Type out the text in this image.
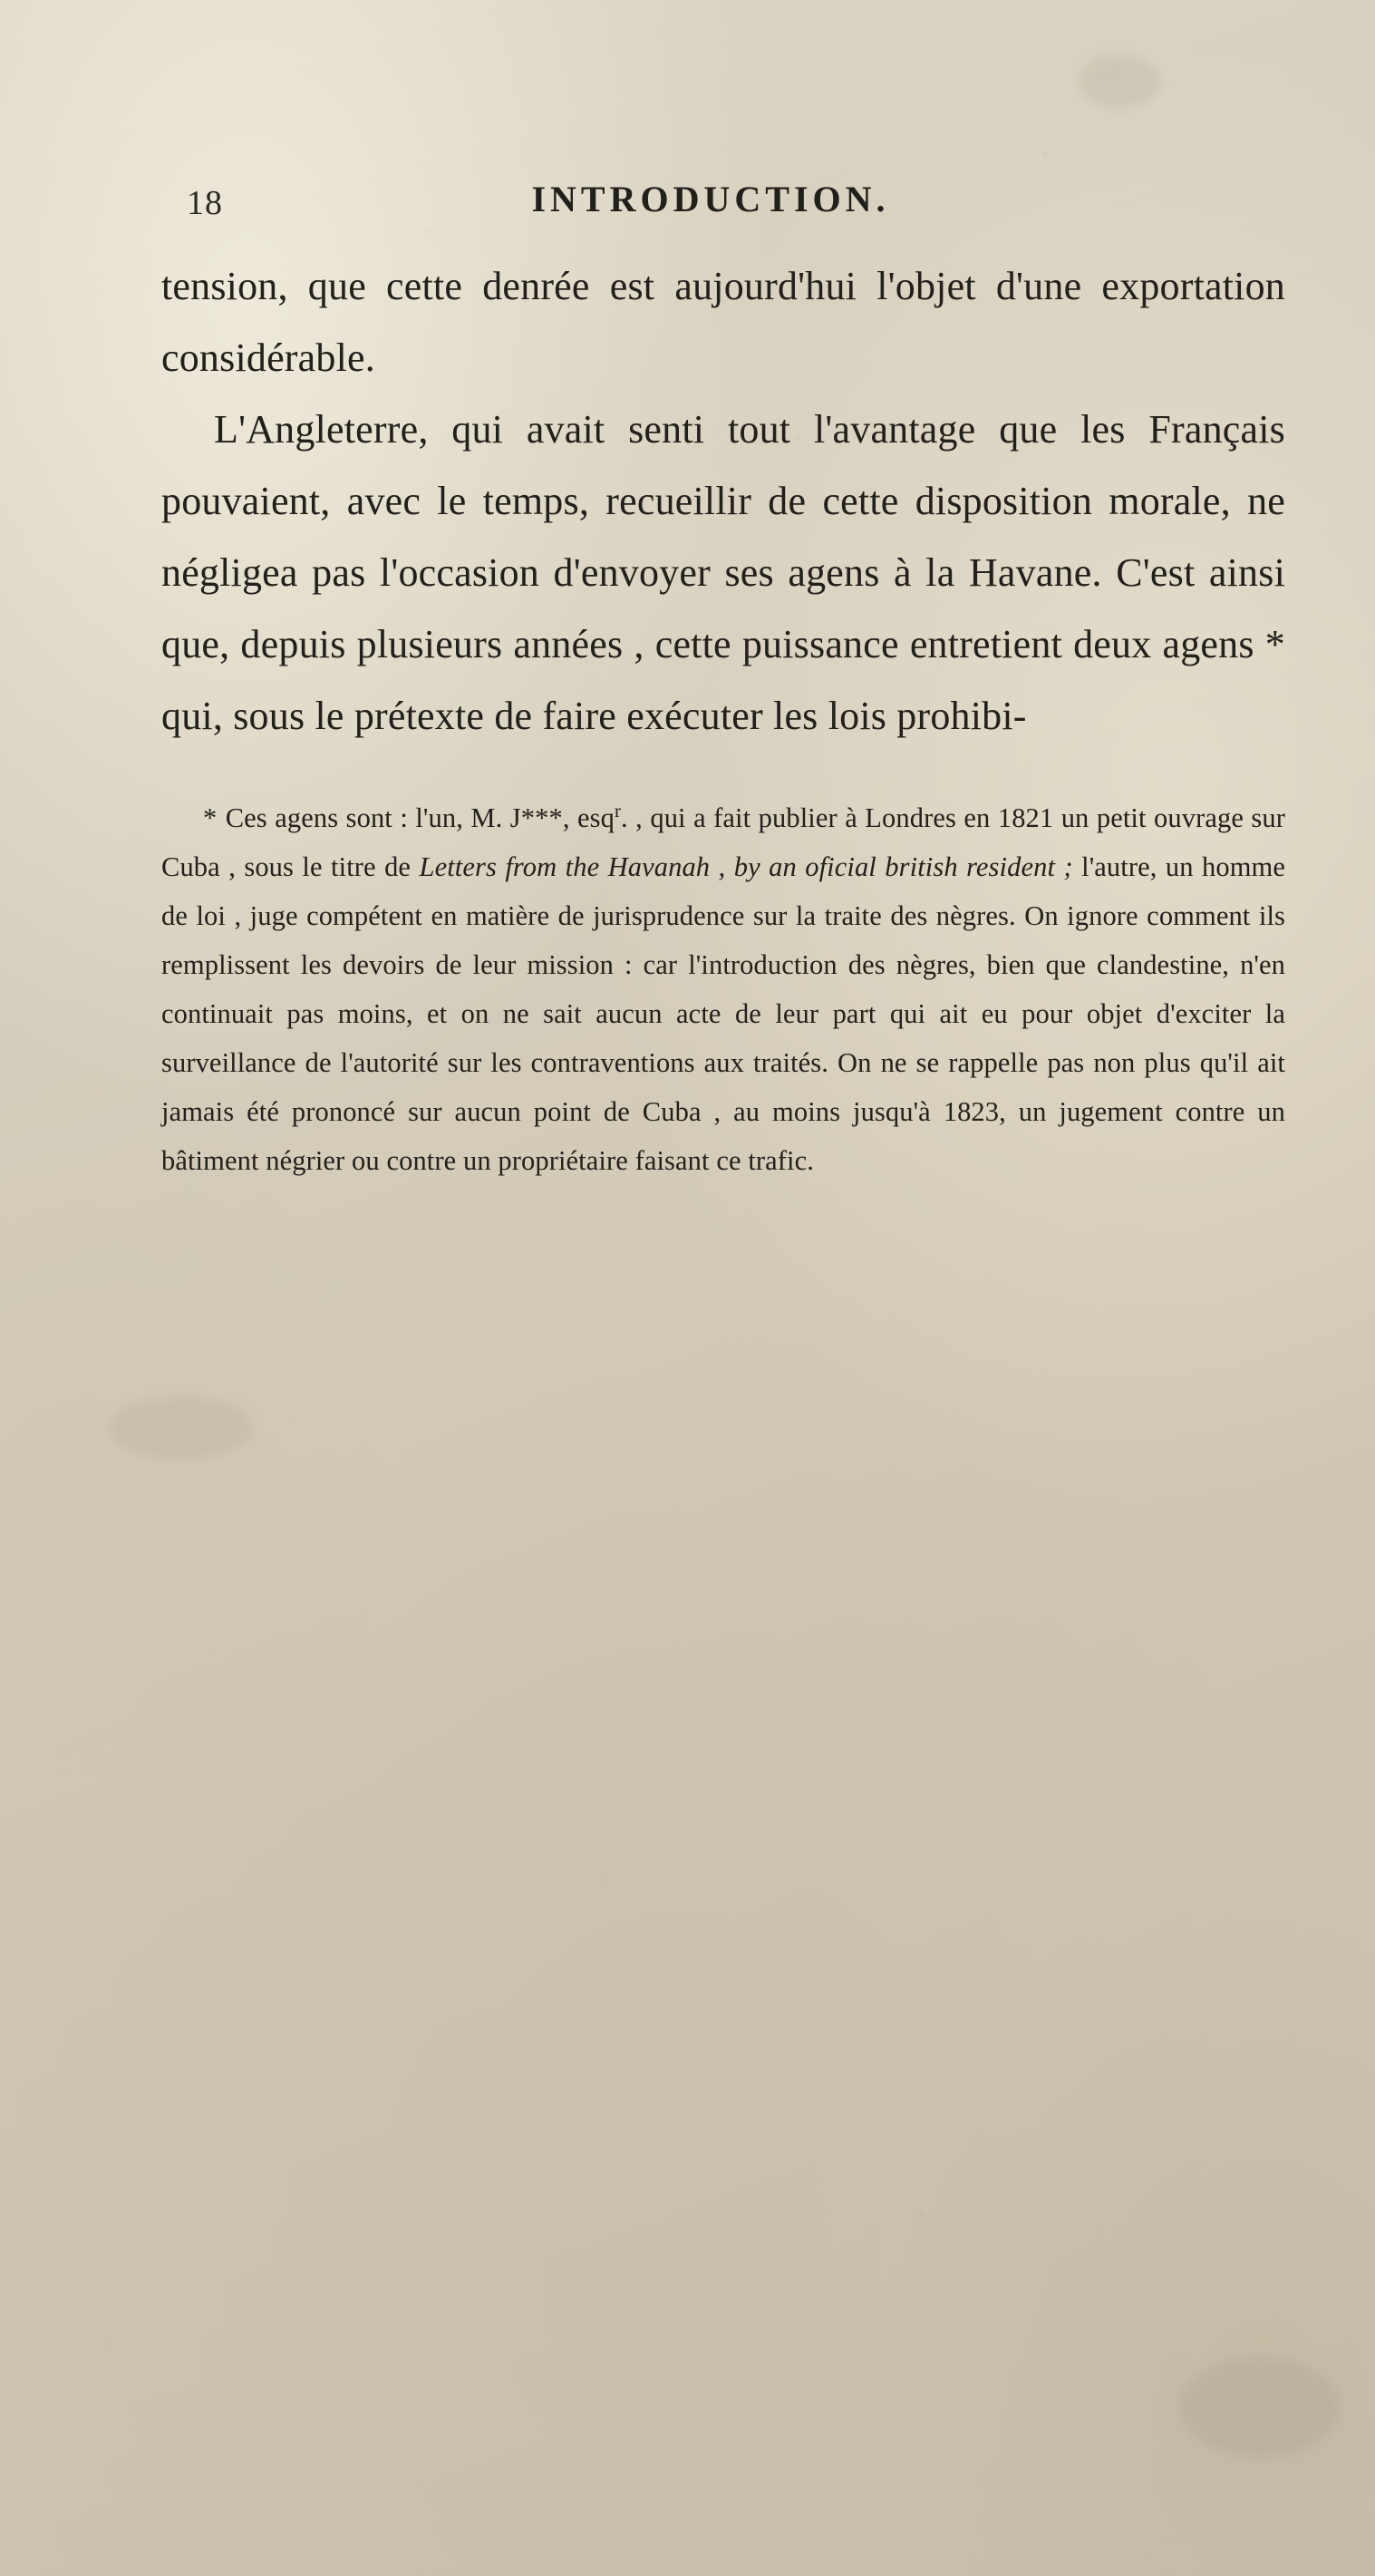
18	INTRODUCTION.

tension, que cette denrée est aujourd'hui l'objet d'une exportation considérable.

L'Angleterre, qui avait senti tout l'avantage que les Français pouvaient, avec le temps, recueillir de cette disposition morale, ne négligea pas l'occasion d'envoyer ses agens à la Havane. C'est ainsi que, depuis plusieurs années , cette puissance entretient deux agens * qui, sous le prétexte de faire exécuter les lois prohibi-

* Ces agens sont : l'un, M. J***, esq$^r$. , qui a fait publier à Londres en 1821 un petit ouvrage sur Cuba , sous le titre de Letters from the Havanah , by an oficial british resident ; l'autre, un homme de loi , juge compétent en matière de jurisprudence sur la traite des nègres. On ignore comment ils remplissent les devoirs de leur mission : car l'introduction des nègres, bien que clandestine, n'en continuait pas moins, et on ne sait aucun acte de leur part qui ait eu pour objet d'exciter la surveillance de l'autorité sur les contraventions aux traités. On ne se rappelle pas non plus qu'il ait jamais été prononcé sur aucun point de Cuba , au moins jusqu'à 1823, un jugement contre un bâtiment négrier ou contre un propriétaire faisant ce trafic.
